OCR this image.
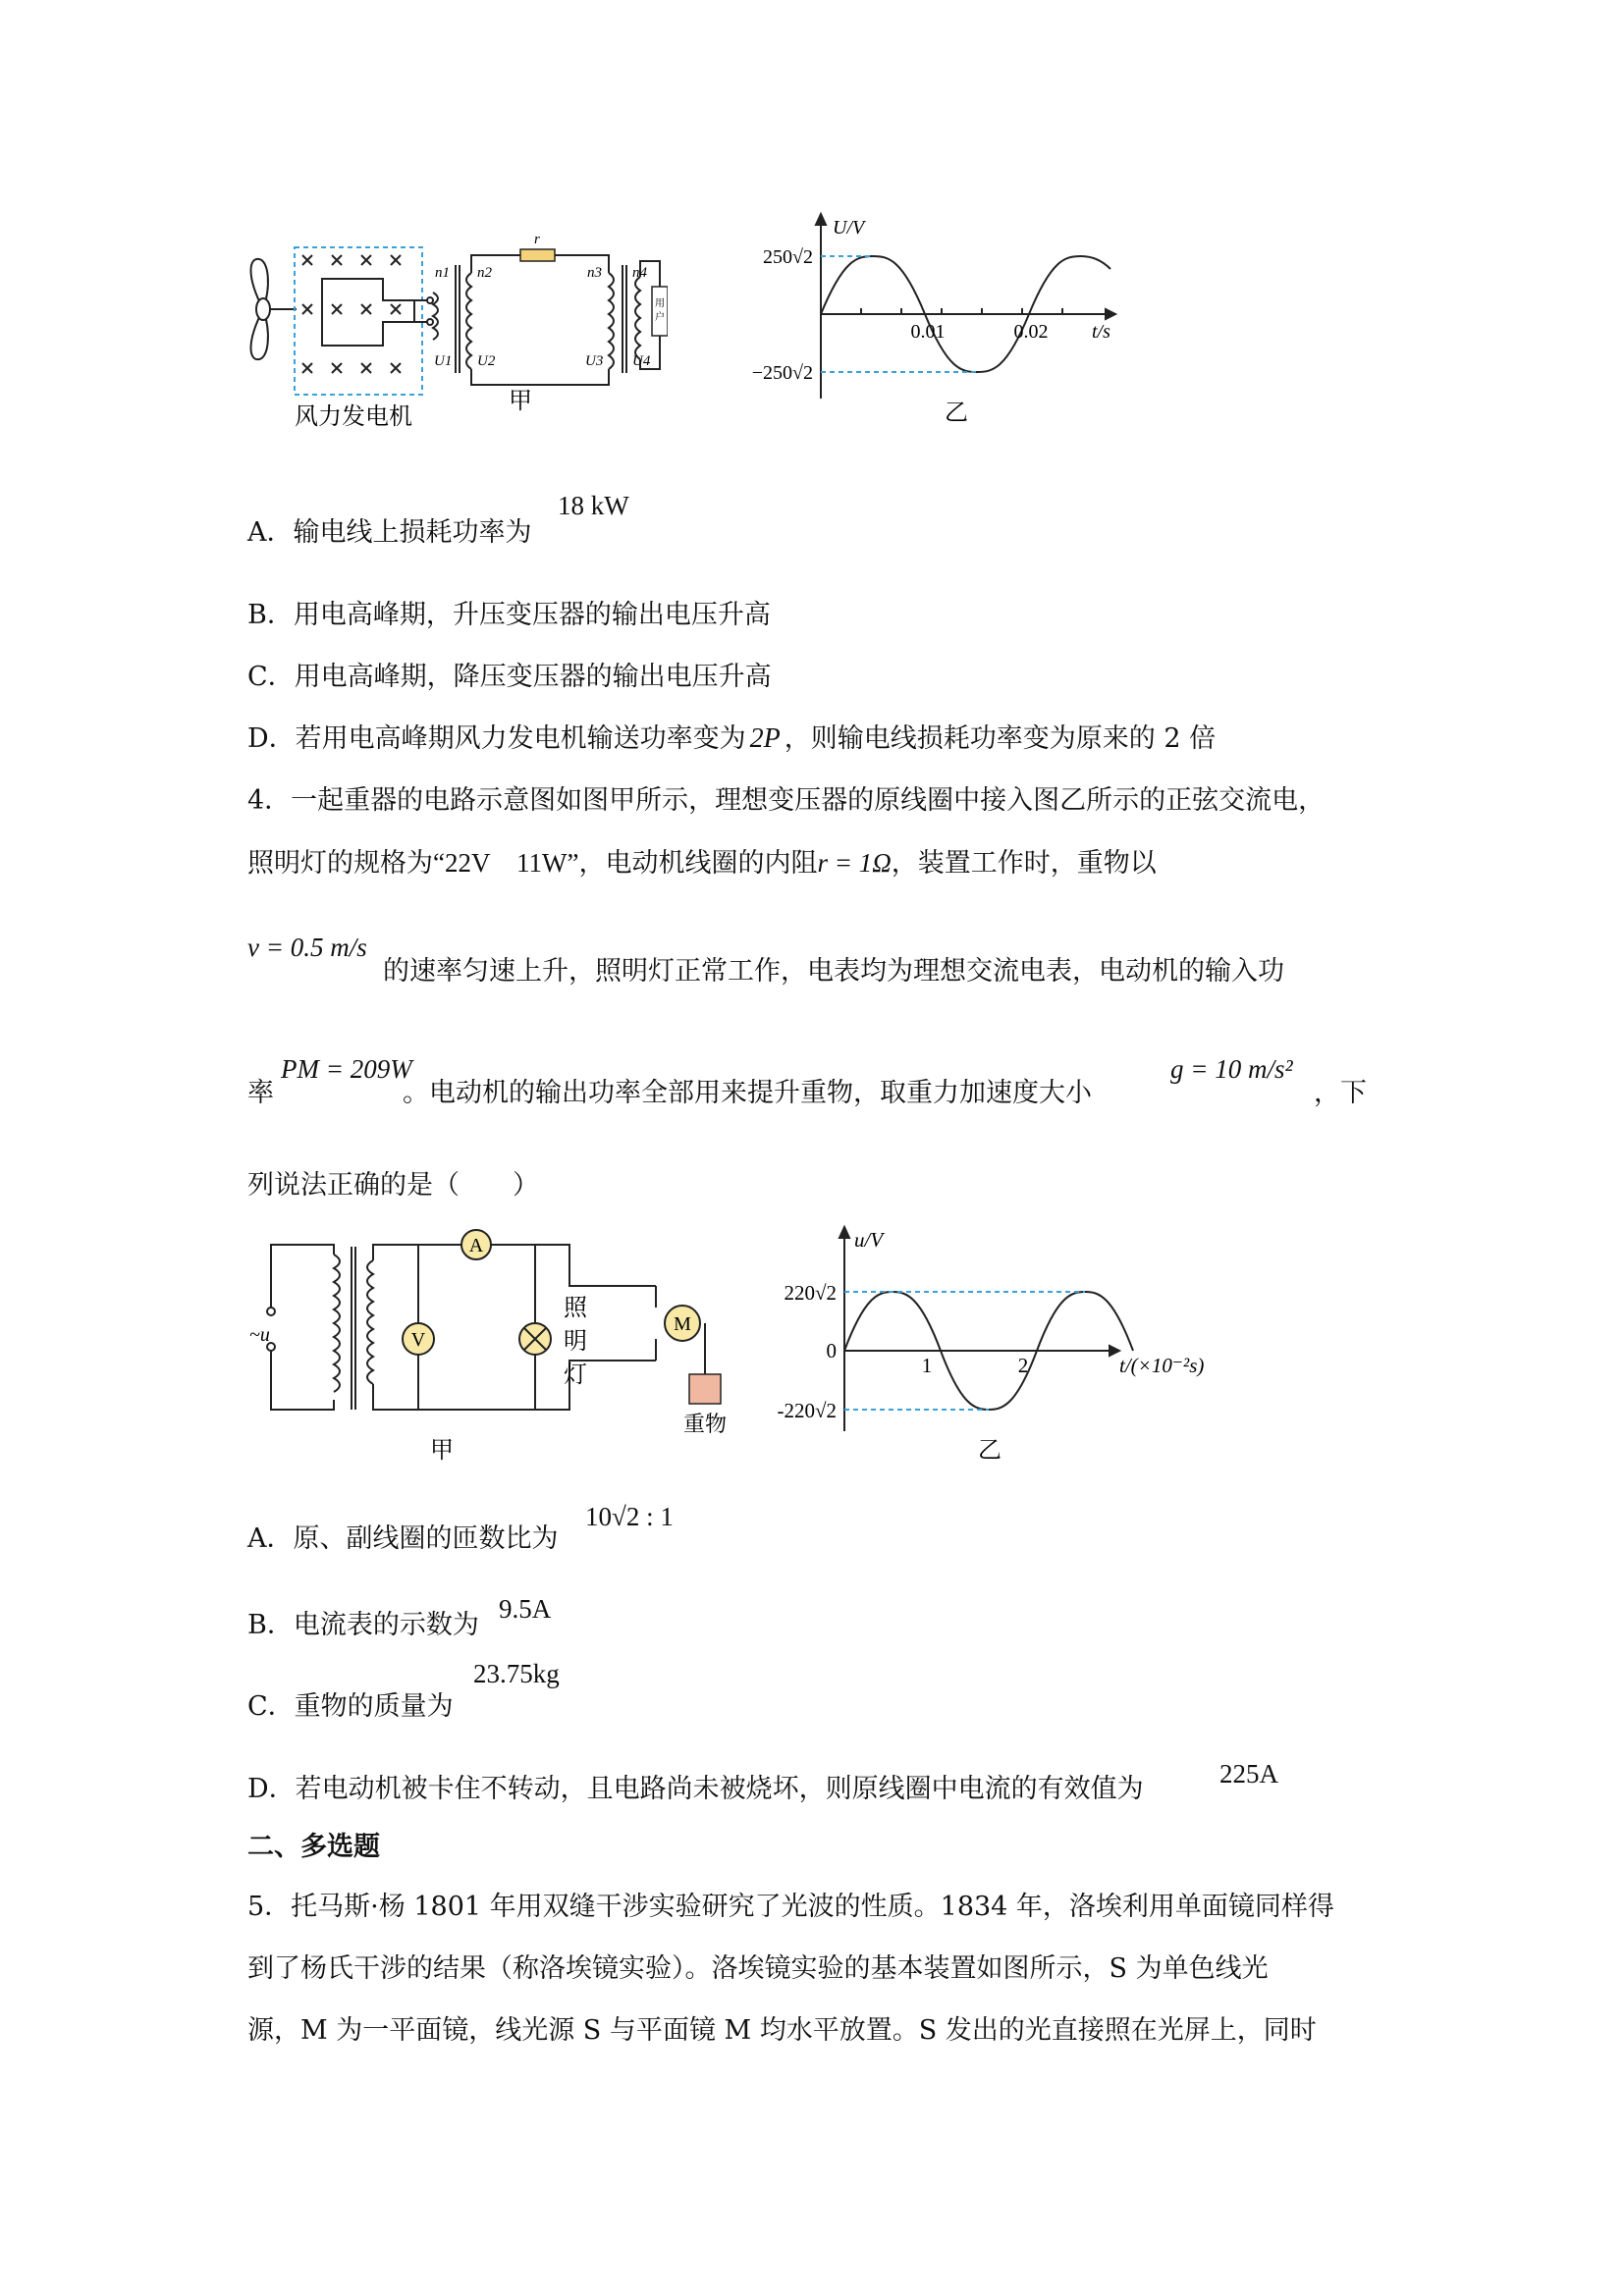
用
户
n1 n2	n3 n4
r
U1 U2	U3 U4
风力发电机
甲
U/V
250√2
−250√2
0.01	0.02 t/s
乙
A．输电线上损耗功率为
18 kW
B．用电高峰期，升压变压器的输出电压升高
C．用电高峰期，降压变压器的输出电压升高
D．若用电高峰期风力发电机输送功率变为 2P ，则输电线损耗功率变为原来的 2 倍
4．一起重器的电路示意图如图甲所示，理想变压器的原线圈中接入图乙所示的正弦交流电，
照明灯的规格为“22V    11W”，电动机线圈的内阻r = 1Ω，装置工作时，重物以
v = 0.5 m/s
的速率匀速上升，照明灯正常工作，电表均为理想交流电表，电动机的输入功
率
PM = 209W
。电动机的输出功率全部用来提升重物，取重力加速度大小
g = 10 m/s²
，下
列说法正确的是（　　）
A
V
照
明
灯
M
重物
~u
甲
u/V
220√2
-220√2
0
1	2	t/(×10⁻²s)
乙
A．原、副线圈的匝数比为
10√2 : 1
B．电流表的示数为
9.5A
C．重物的质量为
23.75kg
D．若电动机被卡住不转动，且电路尚未被烧坏，则原线圈中电流的有效值为	225A
二、多选题
5．托马斯·杨 1801 年用双缝干涉实验研究了光波的性质。1834 年，洛埃利用单面镜同样得
到了杨氏干涉的结果（称洛埃镜实验）。洛埃镜实验的基本装置如图所示，S 为单色线光
源，M 为一平面镜，线光源 S 与平面镜 M 均水平放置。S 发出的光直接照在光屏上，同时
